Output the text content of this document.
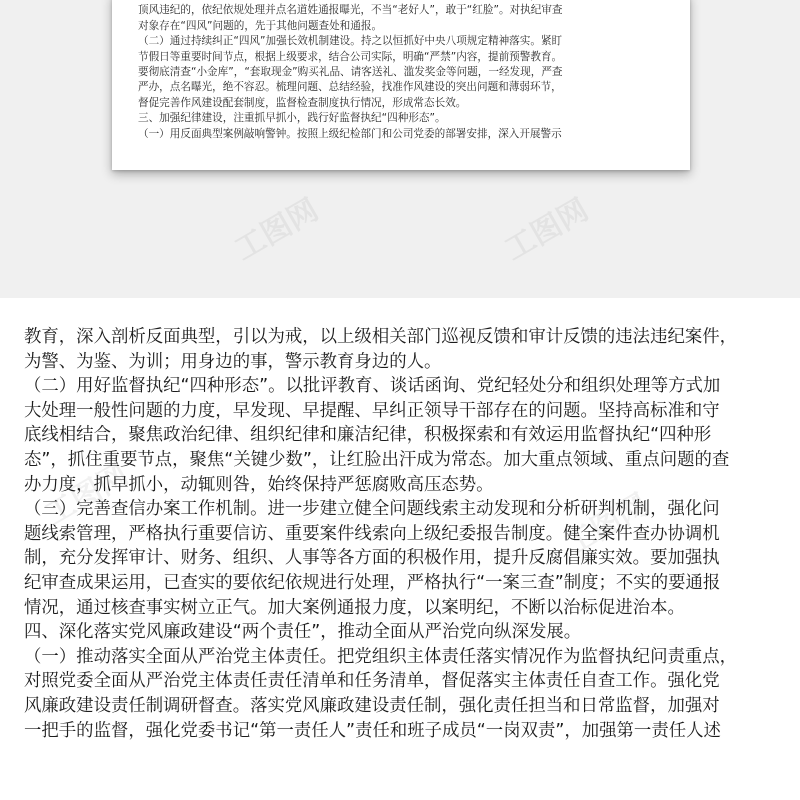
顶风违纪的，依纪依规处理并点名道姓通报曝光，不当“老好人”，敢于“红脸”。对执纪审查

对象存在“四风”问题的，先于其他问题查处和通报。

（二）通过持续纠正“四风”加强长效机制建设。持之以恒抓好中央八项规定精神落实。紧盯

节假日等重要时间节点，根据上级要求，结合公司实际，明确“严禁”内容，提前预警教育。

要彻底清查“小金库”，“套取现金”购买礼品、请客送礼、滥发奖金等问题，一经发现，严查

严办，点名曝光，绝不容忍。梳理问题、总结经验，找准作风建设的突出问题和薄弱环节，

督促完善作风建设配套制度，监督检查制度执行情况，形成常态长效。

三、加强纪律建设，注重抓早抓小，践行好监督执纪“四种形态”。

（一）用反面典型案例敲响警钟。按照上级纪检部门和公司党委的部署安排，深入开展警示

工图网	工图网
工图网	工图网

教育，深入剖析反面典型，引以为戒，以上级相关部门巡视反馈和审计反馈的违法违纪案件，

为警、为鉴、为训；用身边的事，警示教育身边的人。

（二）用好监督执纪“四种形态”。以批评教育、谈话函询、党纪轻处分和组织处理等方式加

大处理一般性问题的力度，早发现、早提醒、早纠正领导干部存在的问题。坚持高标准和守

底线相结合，聚焦政治纪律、组织纪律和廉洁纪律，积极探索和有效运用监督执纪“四种形

态”，抓住重要节点，聚焦“关键少数”，让红脸出汗成为常态。加大重点领域、重点问题的查

办力度，抓早抓小，动辄则咎，始终保持严惩腐败高压态势。

（三）完善查信办案工作机制。进一步建立健全问题线索主动发现和分析研判机制，强化问

题线索管理，严格执行重要信访、重要案件线索向上级纪委报告制度。健全案件查办协调机

制，充分发挥审计、财务、组织、人事等各方面的积极作用，提升反腐倡廉实效。要加强执

纪审查成果运用，已查实的要依纪依规进行处理，严格执行“一案三查”制度；不实的要通报

情况，通过核查事实树立正气。加大案例通报力度，以案明纪，不断以治标促进治本。

四、深化落实党风廉政建设“两个责任”，推动全面从严治党向纵深发展。

（一）推动落实全面从严治党主体责任。把党组织主体责任落实情况作为监督执纪问责重点，

对照党委全面从严治党主体责任责任清单和任务清单，督促落实主体责任自查工作。强化党

风廉政建设责任制调研督查。落实党风廉政建设责任制，强化责任担当和日常监督，加强对

一把手的监督，强化党委书记“第一责任人”责任和班子成员“一岗双责”，加强第一责任人述
